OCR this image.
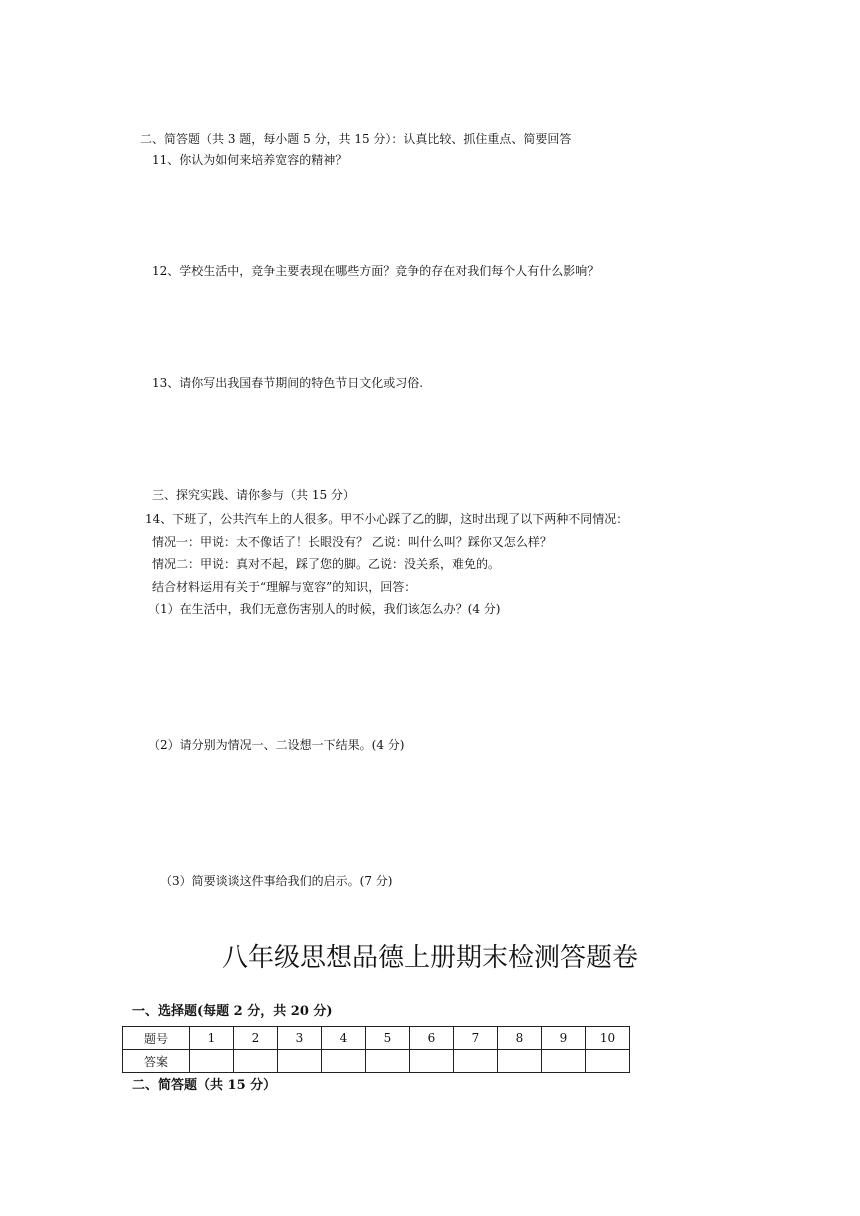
二、简答题（共 3 题，每小题 5 分，共 15 分）：认真比较、抓住重点、简要回答
11、你认为如何来培养宽容的精神？
12、学校生活中，竞争主要表现在哪些方面？竞争的存在对我们每个人有什么影响？
13、请你写出我国春节期间的特色节日文化或习俗.
三、探究实践、请你参与（共 15 分）
14、下班了，公共汽车上的人很多。甲不小心踩了乙的脚，这时出现了以下两种不同情况：
情况一：甲说：太不像话了！长眼没有？ 乙说：叫什么叫？踩你又怎么样？
情况二：甲说：真对不起，踩了您的脚。乙说：没关系，难免的。
结合材料运用有关于“理解与宽容”的知识，回答：
（1）在生活中，我们无意伤害别人的时候，我们该怎么办？(4 分)
（2）请分别为情况一、二设想一下结果。(4 分)
（3）简要谈谈这件事给我们的启示。(7 分)
八年级思想品德上册期末检测答题卷
一、选择题(每题 2 分，共 20 分)
题号	1	2	3	4	5	6	7	8	9	10
答案										
二、简答题（共 15 分）
